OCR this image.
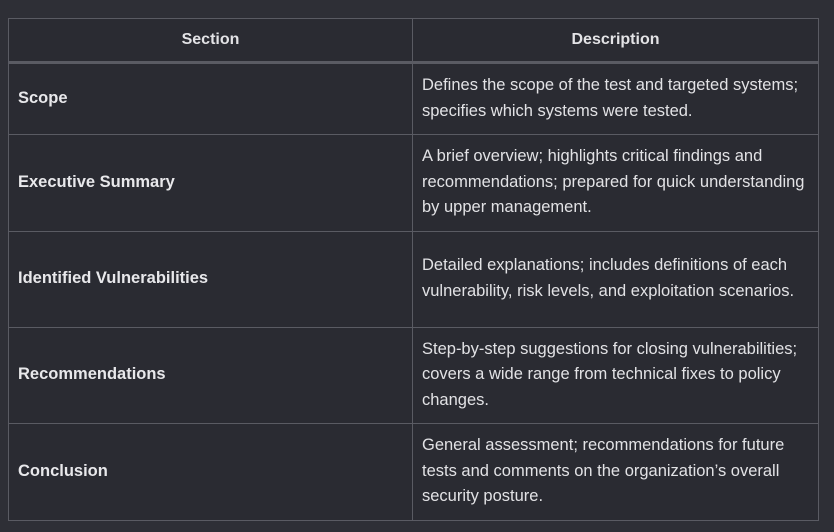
Section	Description
Scope	Defines the scope of the test and targeted systems; specifies which systems were tested.
Executive Summary	A brief overview; highlights critical findings and recommendations; prepared for quick understanding by upper management.
Identified Vulnerabilities	Detailed explanations; includes definitions of each vulnerability, risk levels, and exploitation scenarios.
Recommendations	Step-by-step suggestions for closing vulnerabilities; covers a wide range from technical fixes to policy changes.
Conclusion	General assessment; recommendations for future tests and comments on the organization’s overall security posture.
